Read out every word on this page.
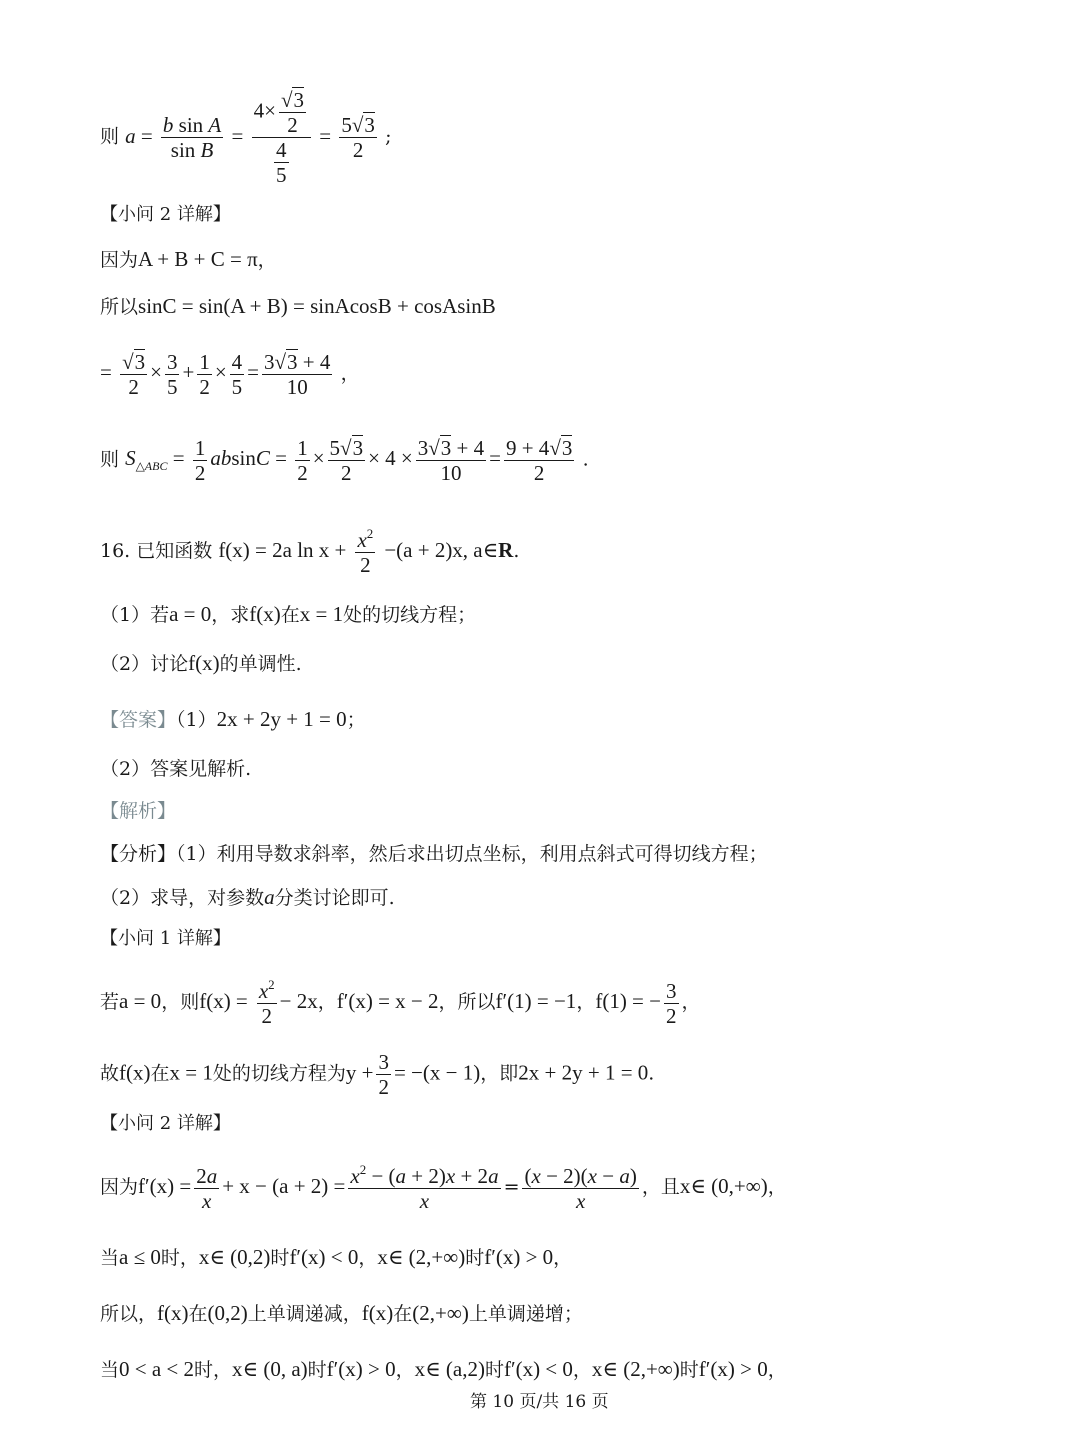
则 $a = \frac{\text{b sin A}}{\text{sin B}} = \frac{4\times \frac{√3}{2}}{\frac{4}{5}} = \frac{5√3}{2}$ ;
【小问 2 详解】
因为A + B + C = π，
所以sinC = sin(A + B) = sinAcosB + cosAsinB
= $\frac{√3}{2} \times \frac{3}{5} + \frac{1}{2} \times \frac{4}{5} = \frac{3√3 + 4}{10}$ ，
则 $S_{\triangle ABC} = \frac{1}{2}$ $absinC = \frac{1}{2} \times \frac{5√3}{2} \times 4 \times \frac{3√3 + 4}{10} = \frac{9 + 4√3}{2}$ .
16. 已知函数 f(x) = 2a $\ln x + \frac{x^2}{2} -(a + 2)x$, a∈R.
（1）若a = 0，求f(x)在x = 1处的切线方程；
（2）讨论f(x)的单调性.
【答案】（1）2x + 2y + 1 = 0；
（2）答案见解析.
【解析】
【分析】（1）利用导数求斜率，然后求出切点坐标，利用点斜式可得切线方程；
（2）求导，对参数a分类讨论即可.
【小问 1 详解】
若a = 0，则$f(x) = \frac{x^2}{2} - 2x$，f′(x) = x − 2，所以f′(1) = −1，f(1) = − $\frac{3}{2}$ ，
故f(x)在x = 1处的切线方程为$y + \frac{3}{2} = -(x - 1)$，即2x + 2y + 1 = 0.
【小问 2 详解】
因为$f'(x) = \frac{2a}{x} + x - (a + 2) = \frac{x^2 - (a + 2)x + 2a}{x} = \frac{(x - 2)(x - a)}{x}$ ，且x∈ (0,+∞)，
当a ≤ 0时，x∈ (0,2)时f′(x) < 0，x∈ (2,+∞)时f′(x) > 0，
所以，f(x)在(0,2)上单调递减，f(x)在(2,+∞)上单调递增；
当0 < a < 2时，x∈ (0, a)时f′(x) > 0，x∈ (a,2)时f′(x) < 0，x∈ (2,+∞)时f′(x) > 0，
第 10 页/共 16 页
